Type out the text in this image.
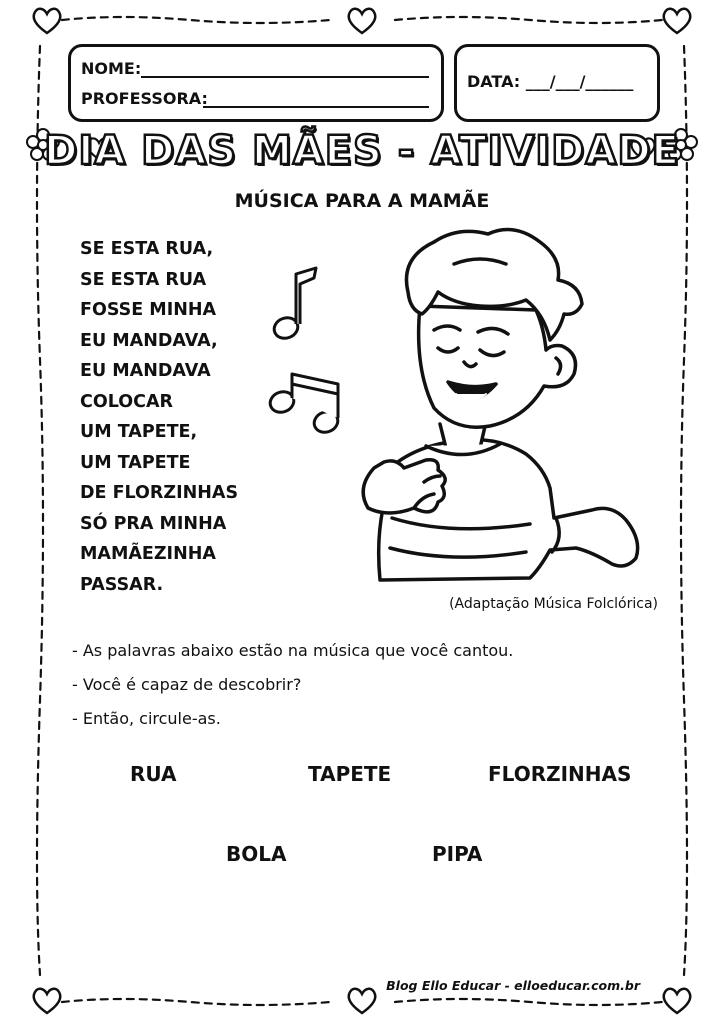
NOME:
PROFESSORA:
DATA: ___/___/______
DIA DAS MÃES - ATIVIDADE
MÚSICA PARA A MAMÃE
SE ESTA RUA,
SE ESTA RUA
FOSSE MINHA
EU MANDAVA,
EU MANDAVA
COLOCAR
UM TAPETE,
UM TAPETE
DE FLORZINHAS
SÓ PRA MINHA
MAMÃEZINHA
PASSAR.
(Adaptação Música Folclórica)
- As palavras abaixo estão na música que você cantou.
- Você é capaz de descobrir?
- Então, circule-as.
RUA	TAPETE	FLORZINHAS
BOLA	PIPA
Blog Ello Educar - elloeducar.com.br
